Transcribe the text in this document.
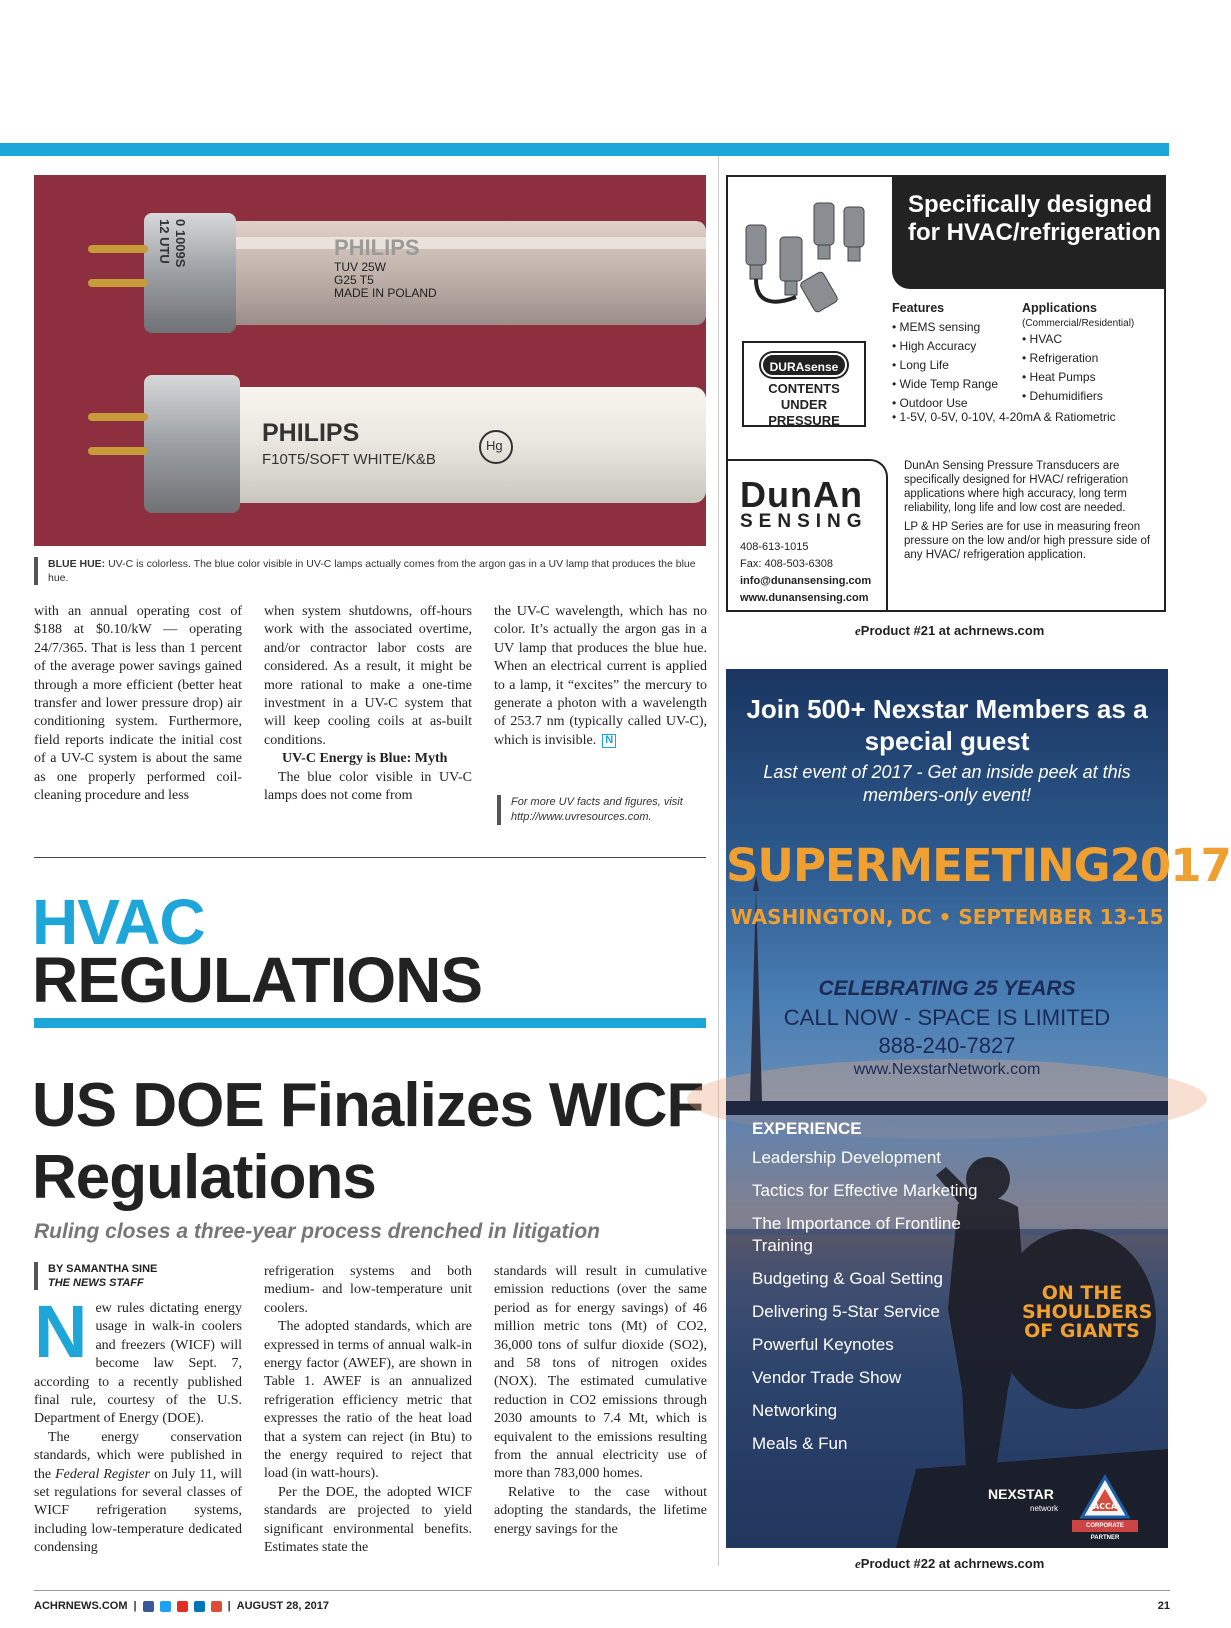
PHILIPS
TUV 25W
G25 T5
MADE IN POLAND
0 1009S
12 UTU
PHILIPS
F10T5/SOFT WHITE/K&B
Hg
BLUE HUE: UV-C is colorless. The blue color visible in UV-C lamps actually comes from the argon gas in a UV lamp that produces the blue hue.

with an annual operating cost of $188 at $0.10/kW — operating 24/7/365. That is less than 1 percent of the average power savings gained through a more efficient (better heat transfer and lower pressure drop) air conditioning system. Furthermore, field reports indicate the initial cost of a UV-C system is about the same as one properly performed coil-cleaning procedure and less

when system shutdowns, off-hours work with the associated overtime, and/or contractor labor costs are considered. As a result, it might be more rational to make a one-time investment in a UV-C system that will keep cooling coils at as-built conditions.

UV-C Energy is Blue: Myth

The blue color visible in UV-C lamps does not come from

the UV-C wavelength, which has no color. It’s actually the argon gas in a UV lamp that produces the blue hue. When an electrical current is applied to a lamp, it “excites” the mercury to generate a photon with a wavelength of 253.7 nm (typically called UV-C), which is invisible. N

For more UV facts and figures, visit http://www.uvresources.com.
HVAC
REGULATIONS
US DOE Finalizes WICF Regulations
Ruling closes a three-year process drenched in litigation
BY SAMANTHA SINE
THE NEWS STAFF

New rules dictating energy usage in walk-in coolers and freezers (WICF) will become law Sept. 7, according to a recently published final rule, courtesy of the U.S. Department of Energy (DOE).

The energy conservation standards, which were published in the Federal Register on July 11, will set regulations for several classes of WICF refrigeration systems, including low-temperature dedicated condensing

refrigeration systems and both medium- and low-temperature unit coolers.

The adopted standards, which are expressed in terms of annual walk-in energy factor (AWEF), are shown in Table 1. AWEF is an annualized refrigeration efficiency metric that expresses the ratio of the heat load that a system can reject (in Btu) to the energy required to reject that load (in watt-hours).

Per the DOE, the adopted WICF standards are projected to yield significant environmental benefits. Estimates state the

standards will result in cumulative emission reductions (over the same period as for energy savings) of 46 million metric tons (Mt) of CO2, 36,000 tons of sulfur dioxide (SO2), and 58 tons of nitrogen oxides (NOX). The estimated cumulative reduction in CO2 emissions through 2030 amounts to 7.4 Mt, which is equivalent to the emissions resulting from the annual electricity use of more than 783,000 homes.

Relative to the case without adopting the standards, the lifetime energy savings for the

Specifically designed for HVAC/refrigeration
DURAsense
CONTENTS UNDER PRESSURE
Features
• MEMS sensing
• High Accuracy
• Long Life
• Wide Temp Range
• Outdoor Use
• 1-5V, 0-5V, 0-10V, 4-20mA & Ratiometric
Applications
(Commercial/Residential)
• HVAC
• Refrigeration
• Heat Pumps
• Dehumidifiers
DunAn
SENSING
408-613-1015
Fax: 408-503-6308
info@dunansensing.com
www.dunansensing.com

DunAn Sensing Pressure Transducers are specifically designed for HVAC/ refrigeration applications where high accuracy, long term reliability, long life and low cost are needed.

LP & HP Series are for use in measuring freon pressure on the low and/or high pressure side of any HVAC/ refrigeration application.

eProduct #21 at achrnews.com
Join 500+ Nexstar Members as a special guest
Last event of 2017 - Get an inside peek at this members-only event!
SUPERMEETING2017
WASHINGTON, DC • SEPTEMBER 13-15
CELEBRATING 25 YEARS
CALL NOW - SPACE IS LIMITED
888-240-7827
www.NexstarNetwork.com
EXPERIENCE
Leadership Development
Tactics for Effective Marketing
The Importance of Frontline Training
Budgeting & Goal Setting
Delivering 5-Star Service
Powerful Keynotes
Vendor Trade Show
Networking
Meals & Fun
ON THE SHOULDERS OF GIANTS
NEXSTAR
network	ACCA
CORPORATE PARTNER
eProduct #22 at achrnews.com
ACHRNEWS.COM |	| AUGUST 28, 2017	21
